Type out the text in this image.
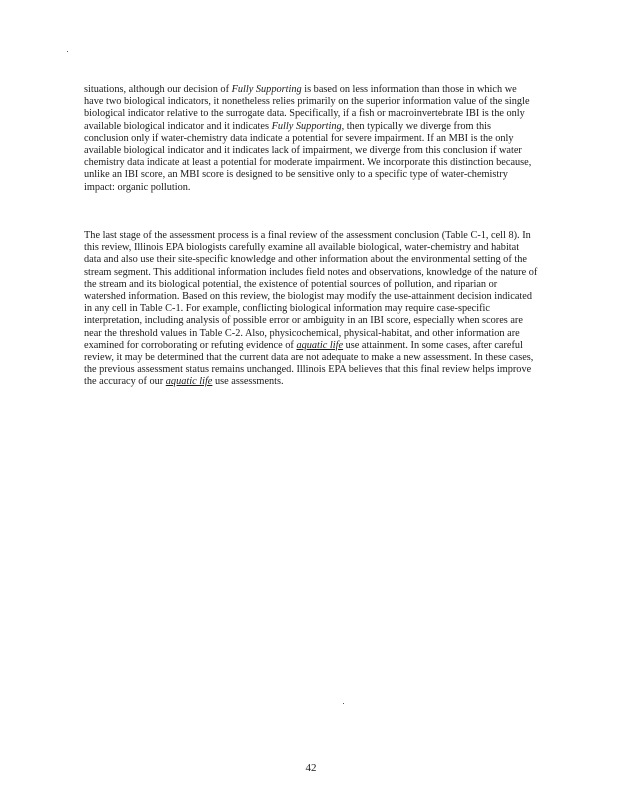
situations, although our decision of Fully Supporting is based on less information than those in which we have two biological indicators, it nonetheless relies primarily on the superior information value of the single biological indicator relative to the surrogate data. Specifically, if a fish or macroinvertebrate IBI is the only available biological indicator and it indicates Fully Supporting, then typically we diverge from this conclusion only if water-chemistry data indicate a potential for severe impairment. If an MBI is the only available biological indicator and it indicates lack of impairment, we diverge from this conclusion if water chemistry data indicate at least a potential for moderate impairment. We incorporate this distinction because, unlike an IBI score, an MBI score is designed to be sensitive only to a specific type of water-chemistry impact: organic pollution.

The last stage of the assessment process is a final review of the assessment conclusion (Table C-1, cell 8). In this review, Illinois EPA biologists carefully examine all available biological, water-chemistry and habitat data and also use their site-specific knowledge and other information about the environmental setting of the stream segment. This additional information includes field notes and observations, knowledge of the nature of the stream and its biological potential, the existence of potential sources of pollution, and riparian or watershed information. Based on this review, the biologist may modify the use-attainment decision indicated in any cell in Table C-1. For example, conflicting biological information may require case-specific interpretation, including analysis of possible error or ambiguity in an IBI score, especially when scores are near the threshold values in Table C-2. Also, physicochemical, physical-habitat, and other information are examined for corroborating or refuting evidence of aquatic life use attainment. In some cases, after careful review, it may be determined that the current data are not adequate to make a new assessment. In these cases, the previous assessment status remains unchanged. Illinois EPA believes that this final review helps improve the accuracy of our aquatic life use assessments.

42
